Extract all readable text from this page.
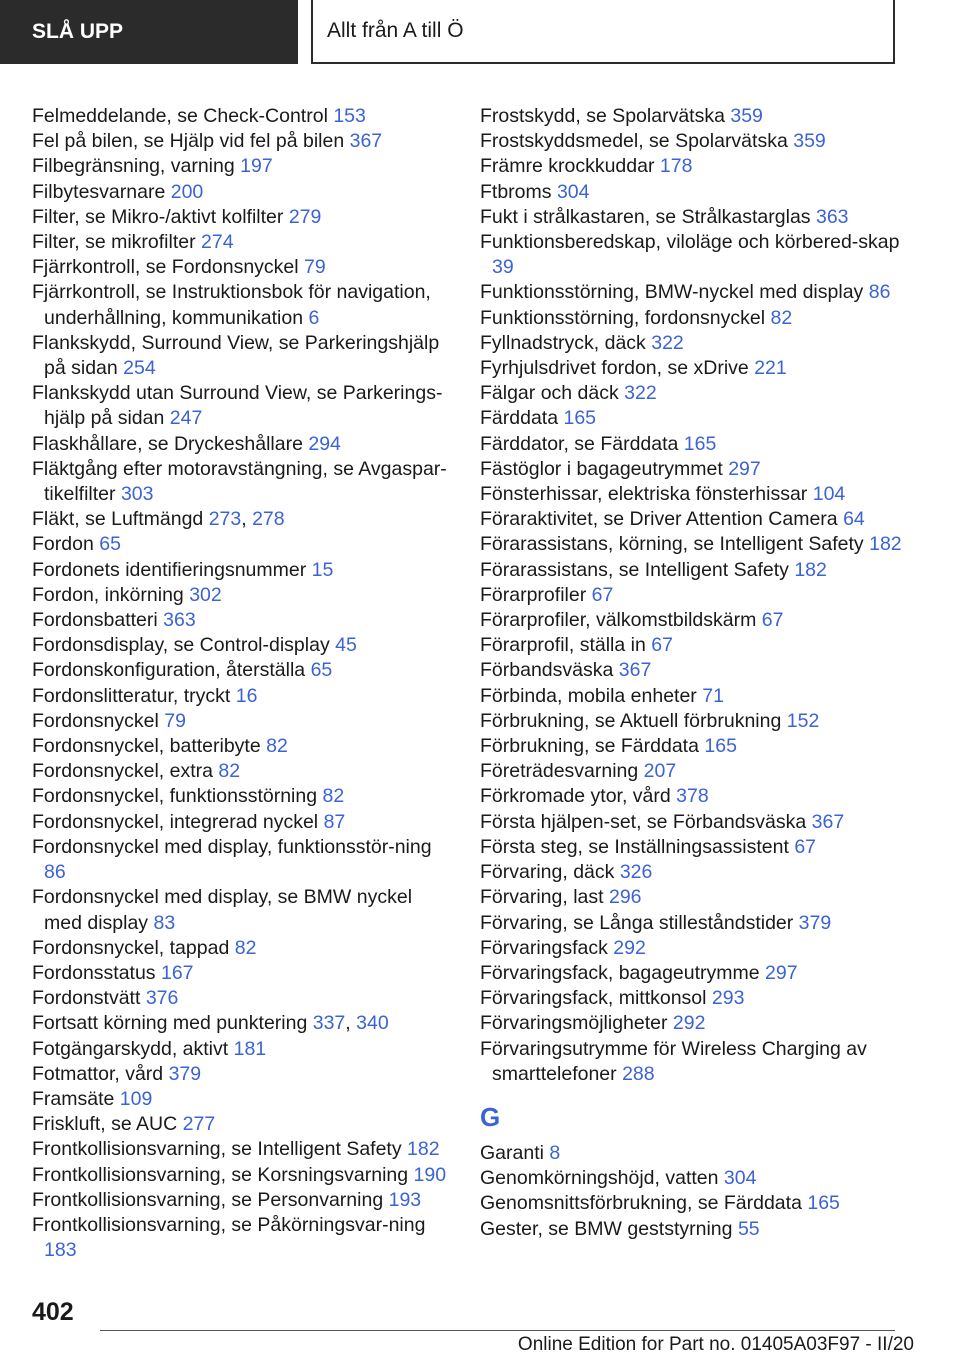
SLÅ UPP	Allt från A till Ö
Felmeddelande, se Check-Control 153
Fel på bilen, se Hjälp vid fel på bilen 367
Filbegränsning, varning 197
Filbytesvarnare 200
Filter, se Mikro-/aktivt kolfilter 279
Filter, se mikrofilter 274
Fjärrkontroll, se Fordonsnyckel 79
Fjärrkontroll, se Instruktionsbok för navigation, underhållning, kommunikation 6
Flankskydd, Surround View, se Parkeringshjälp på sidan 254
Flankskydd utan Surround View, se Parkerings-hjälp på sidan 247
Flaskhållare, se Dryckeshållare 294
Fläktgång efter motoravstängning, se Avgaspar-tikelfilter 303
Fläkt, se Luftmängd 273, 278
Fordon 65
Fordonets identifieringsnummer 15
Fordon, inkörning 302
Fordonsbatteri 363
Fordonsdisplay, se Control-display 45
Fordonskonfiguration, återställa 65
Fordonslitteratur, tryckt 16
Fordonsnyckel 79
Fordonsnyckel, batteribyte 82
Fordonsnyckel, extra 82
Fordonsnyckel, funktionsstörning 82
Fordonsnyckel, integrerad nyckel 87
Fordonsnyckel med display, funktionsstör-ning 86
Fordonsnyckel med display, se BMW nyckel med display 83
Fordonsnyckel, tappad 82
Fordonsstatus 167
Fordonstvätt 376
Fortsatt körning med punktering 337, 340
Fotgängarskydd, aktivt 181
Fotmattor, vård 379
Framsäte 109
Friskluft, se AUC 277
Frontkollisionsvarning, se Intelligent Safety 182
Frontkollisionsvarning, se Korsningsvarning 190
Frontkollisionsvarning, se Personvarning 193
Frontkollisionsvarning, se Påkörningsvar-ning 183
Frostskydd, se Spolarvätska 359
Frostskyddsmedel, se Spolarvätska 359
Främre krockkuddar 178
Ftbroms 304
Fukt i strålkastaren, se Strålkastarglas 363
Funktionsberedskap, viloläge och körbered-skap 39
Funktionsstörning, BMW-nyckel med display 86
Funktionsstörning, fordonsnyckel 82
Fyllnadstryck, däck 322
Fyrhjulsdrivet fordon, se xDrive 221
Fälgar och däck 322
Färddata 165
Färddator, se Färddata 165
Fästöglor i bagageutrymmet 297
Fönsterhissar, elektriska fönsterhissar 104
Föraraktivitet, se Driver Attention Camera 64
Förarassistans, körning, se Intelligent Safety 182
Förarassistans, se Intelligent Safety 182
Förarprofiler 67
Förarprofiler, välkomstbildskärm 67
Förarprofil, ställa in 67
Förbandsväska 367
Förbinda, mobila enheter 71
Förbrukning, se Aktuell förbrukning 152
Förbrukning, se Färddata 165
Företrädesvarning 207
Förkromade ytor, vård 378
Första hjälpen-set, se Förbandsväska 367
Första steg, se Inställningsassistent 67
Förvaring, däck 326
Förvaring, last 296
Förvaring, se Långa stilleståndstider 379
Förvaringsfack 292
Förvaringsfack, bagageutrymme 297
Förvaringsfack, mittkonsol 293
Förvaringsmöjligheter 292
Förvaringsutrymme för Wireless Charging av smarttelefoner 288
G
Garanti 8
Genomkörningshöjd, vatten 304
Genomsnittsförbrukning, se Färddata 165
Gester, se BMW geststyrning 55
402
Online Edition for Part no. 01405A03F97 - II/20
